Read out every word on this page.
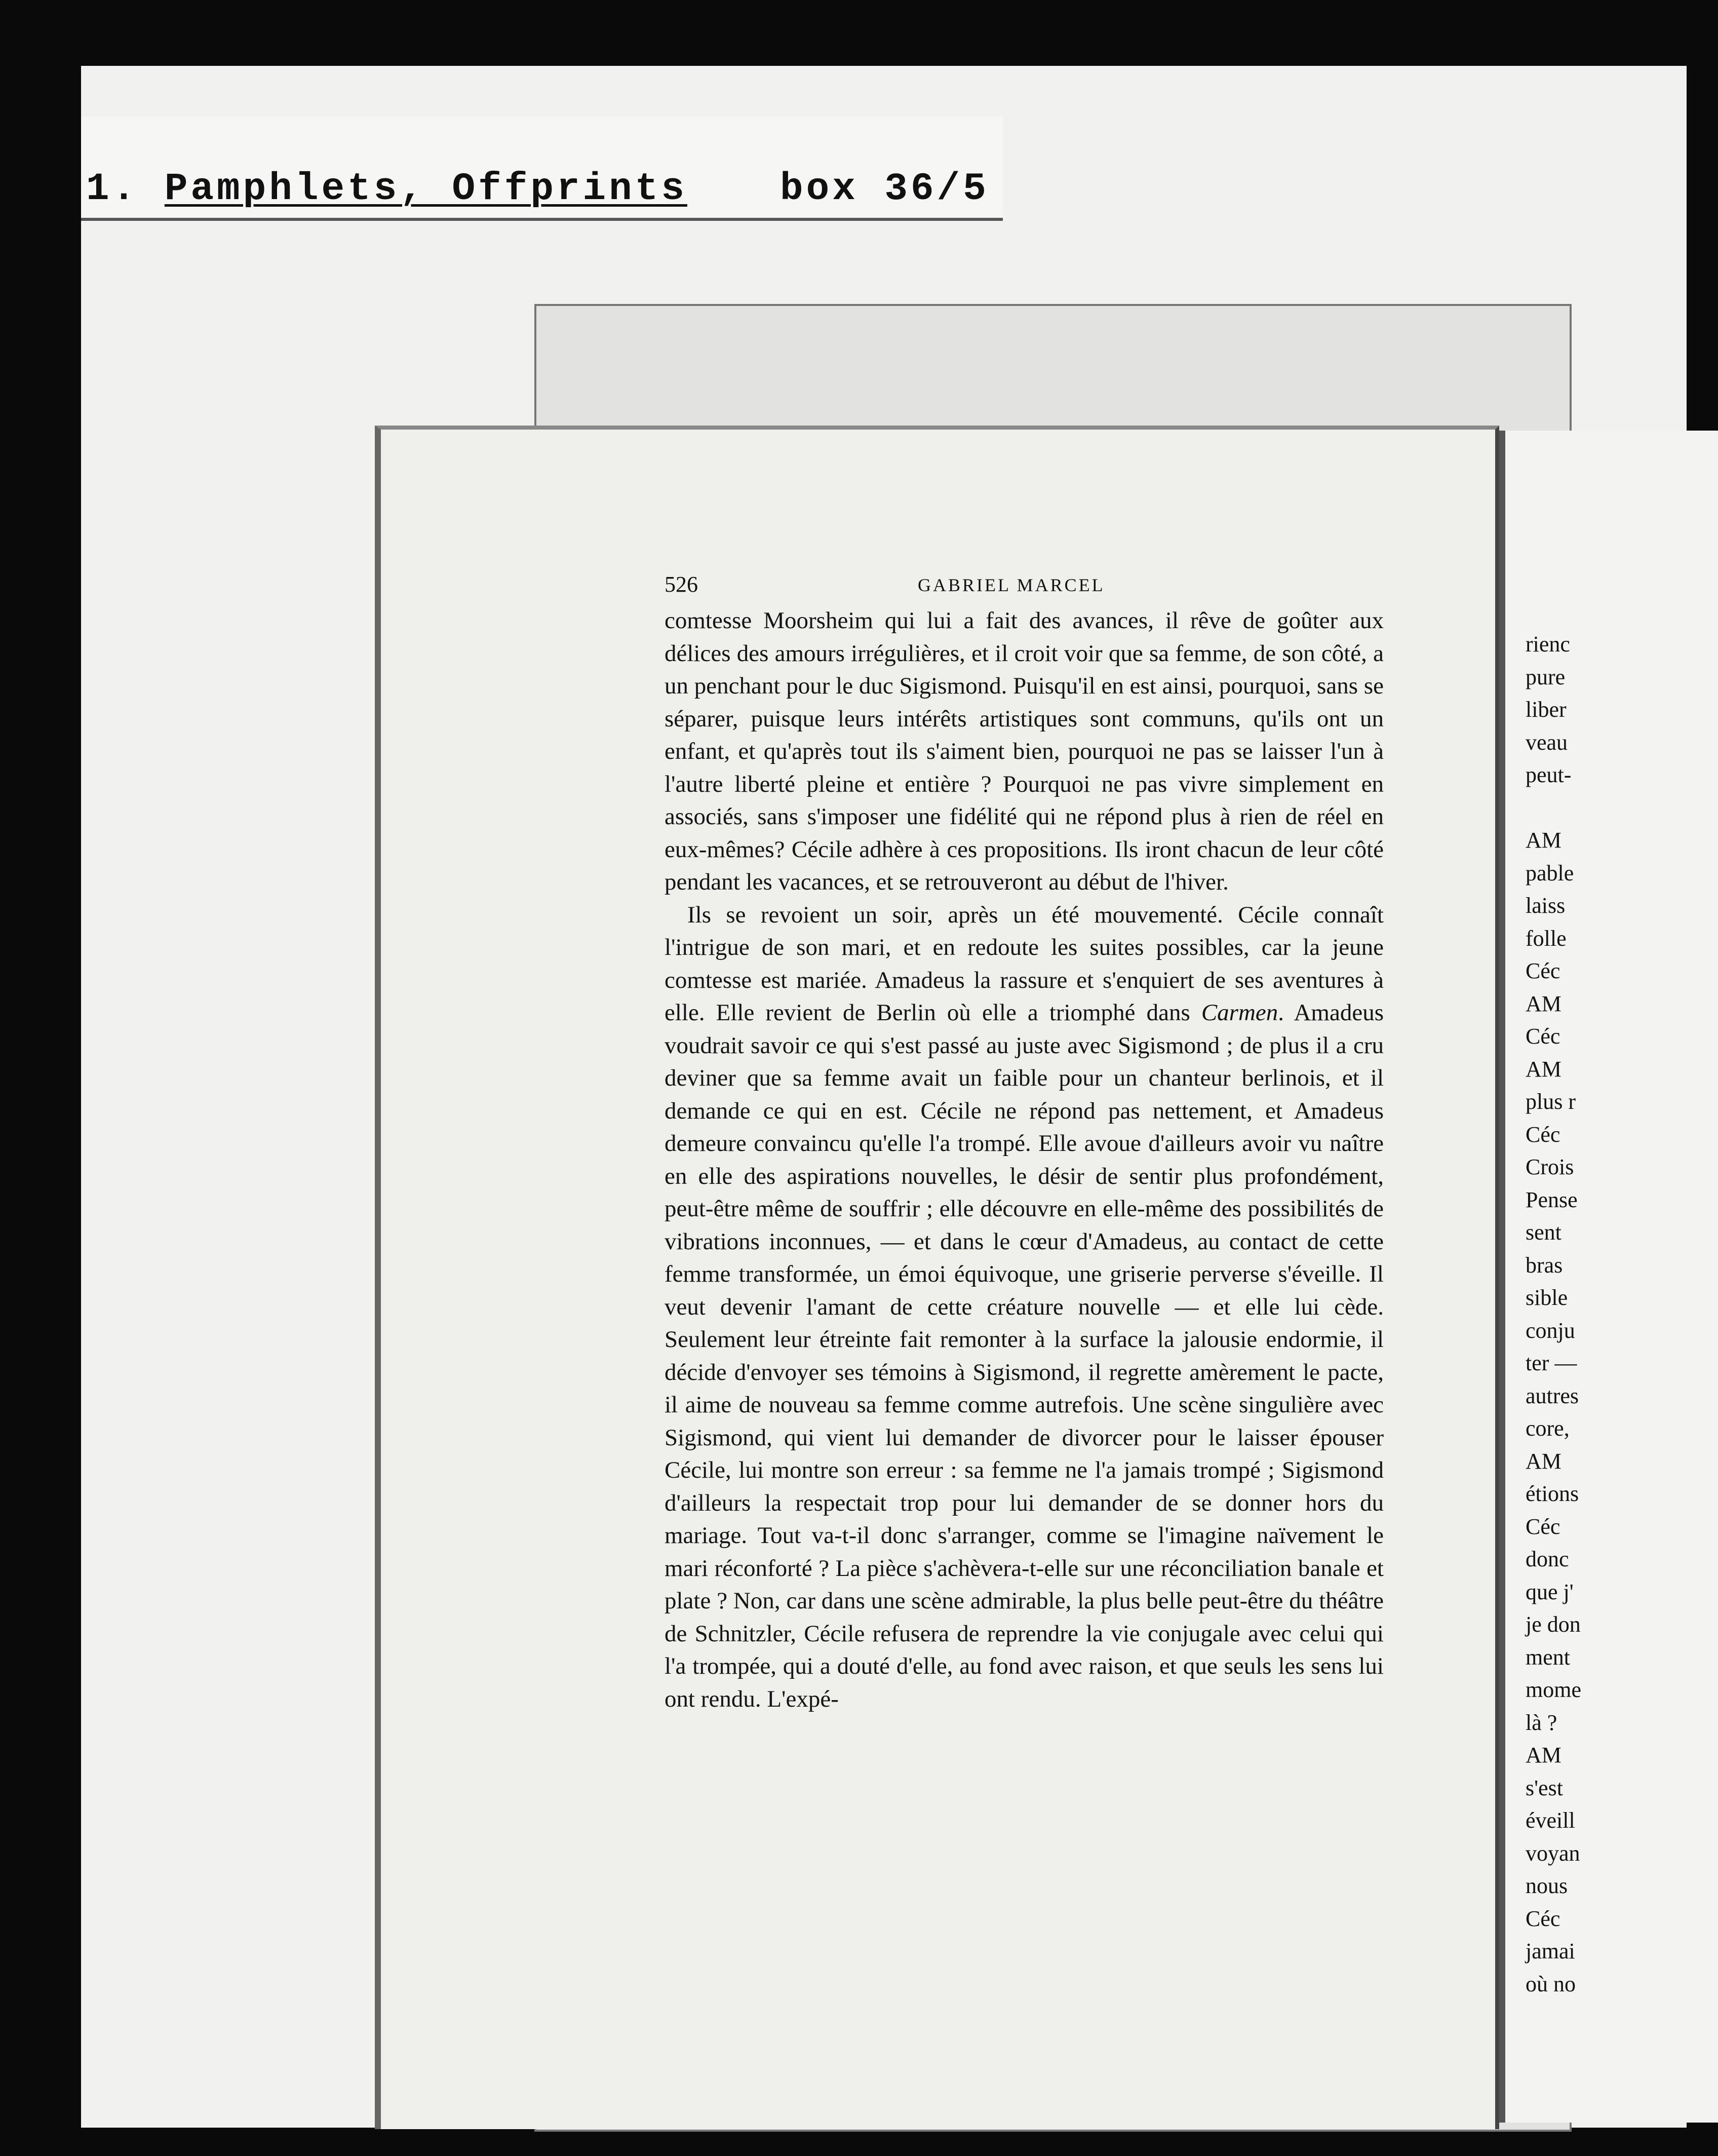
1. Pamphlets, Offprints box 36/5
rienc
pure
liber
veau
peut-
AM
pable
laiss
folle
Céc
AM
Céc
AM
plus r
Céc
Crois
Pense
sent
bras
sible
conju
ter —
autres
core,
AM
étions
Céc
donc
que j'
je don
ment
mome
là ?
AM
s'est
éveill
voyan
nous
Céc
jamai
où no
526	GABRIEL MARCEL

comtesse Moorsheim qui lui a fait des avances, il rêve de goûter aux délices des amours irrégulières, et il croit voir que sa femme, de son côté, a un penchant pour le duc Sigismond. Puisqu'il en est ainsi, pourquoi, sans se séparer, puisque leurs intérêts artistiques sont communs, qu'ils ont un enfant, et qu'après tout ils s'aiment bien, pourquoi ne pas se laisser l'un à l'autre liberté pleine et entière ? Pourquoi ne pas vivre simplement en associés, sans s'imposer une fidélité qui ne répond plus à rien de réel en eux-mêmes? Cécile adhère à ces propositions. Ils iront chacun de leur côté pendant les vacances, et se retrouveront au début de l'hiver.

Ils se revoient un soir, après un été mouvementé. Cécile connaît l'intrigue de son mari, et en redoute les suites possibles, car la jeune comtesse est mariée. Amadeus la rassure et s'enquiert de ses aventures à elle. Elle revient de Berlin où elle a triomphé dans Carmen. Amadeus voudrait savoir ce qui s'est passé au juste avec Sigismond ; de plus il a cru deviner que sa femme avait un faible pour un chanteur berlinois, et il demande ce qui en est. Cécile ne répond pas nettement, et Amadeus demeure convaincu qu'elle l'a trompé. Elle avoue d'ailleurs avoir vu naître en elle des aspirations nouvelles, le désir de sentir plus profondément, peut-être même de souffrir ; elle découvre en elle-même des possibilités de vibrations inconnues, — et dans le cœur d'Amadeus, au contact de cette femme transformée, un émoi équivoque, une griserie perverse s'éveille. Il veut devenir l'amant de cette créature nouvelle — et elle lui cède. Seulement leur étreinte fait remonter à la surface la jalousie endormie, il décide d'envoyer ses témoins à Sigismond, il regrette amèrement le pacte, il aime de nouveau sa femme comme autrefois. Une scène singulière avec Sigismond, qui vient lui demander de divorcer pour le laisser épouser Cécile, lui montre son erreur : sa femme ne l'a jamais trompé ; Sigismond d'ailleurs la respectait trop pour lui demander de se donner hors du mariage. Tout va-t-il donc s'arranger, comme se l'imagine naïvement le mari réconforté ? La pièce s'achèvera-t-elle sur une réconciliation banale et plate ? Non, car dans une scène admirable, la plus belle peut-être du théâtre de Schnitzler, Cécile refusera de reprendre la vie conjugale avec celui qui l'a trompée, qui a douté d'elle, au fond avec raison, et que seuls les sens lui ont rendu. L'expé-
